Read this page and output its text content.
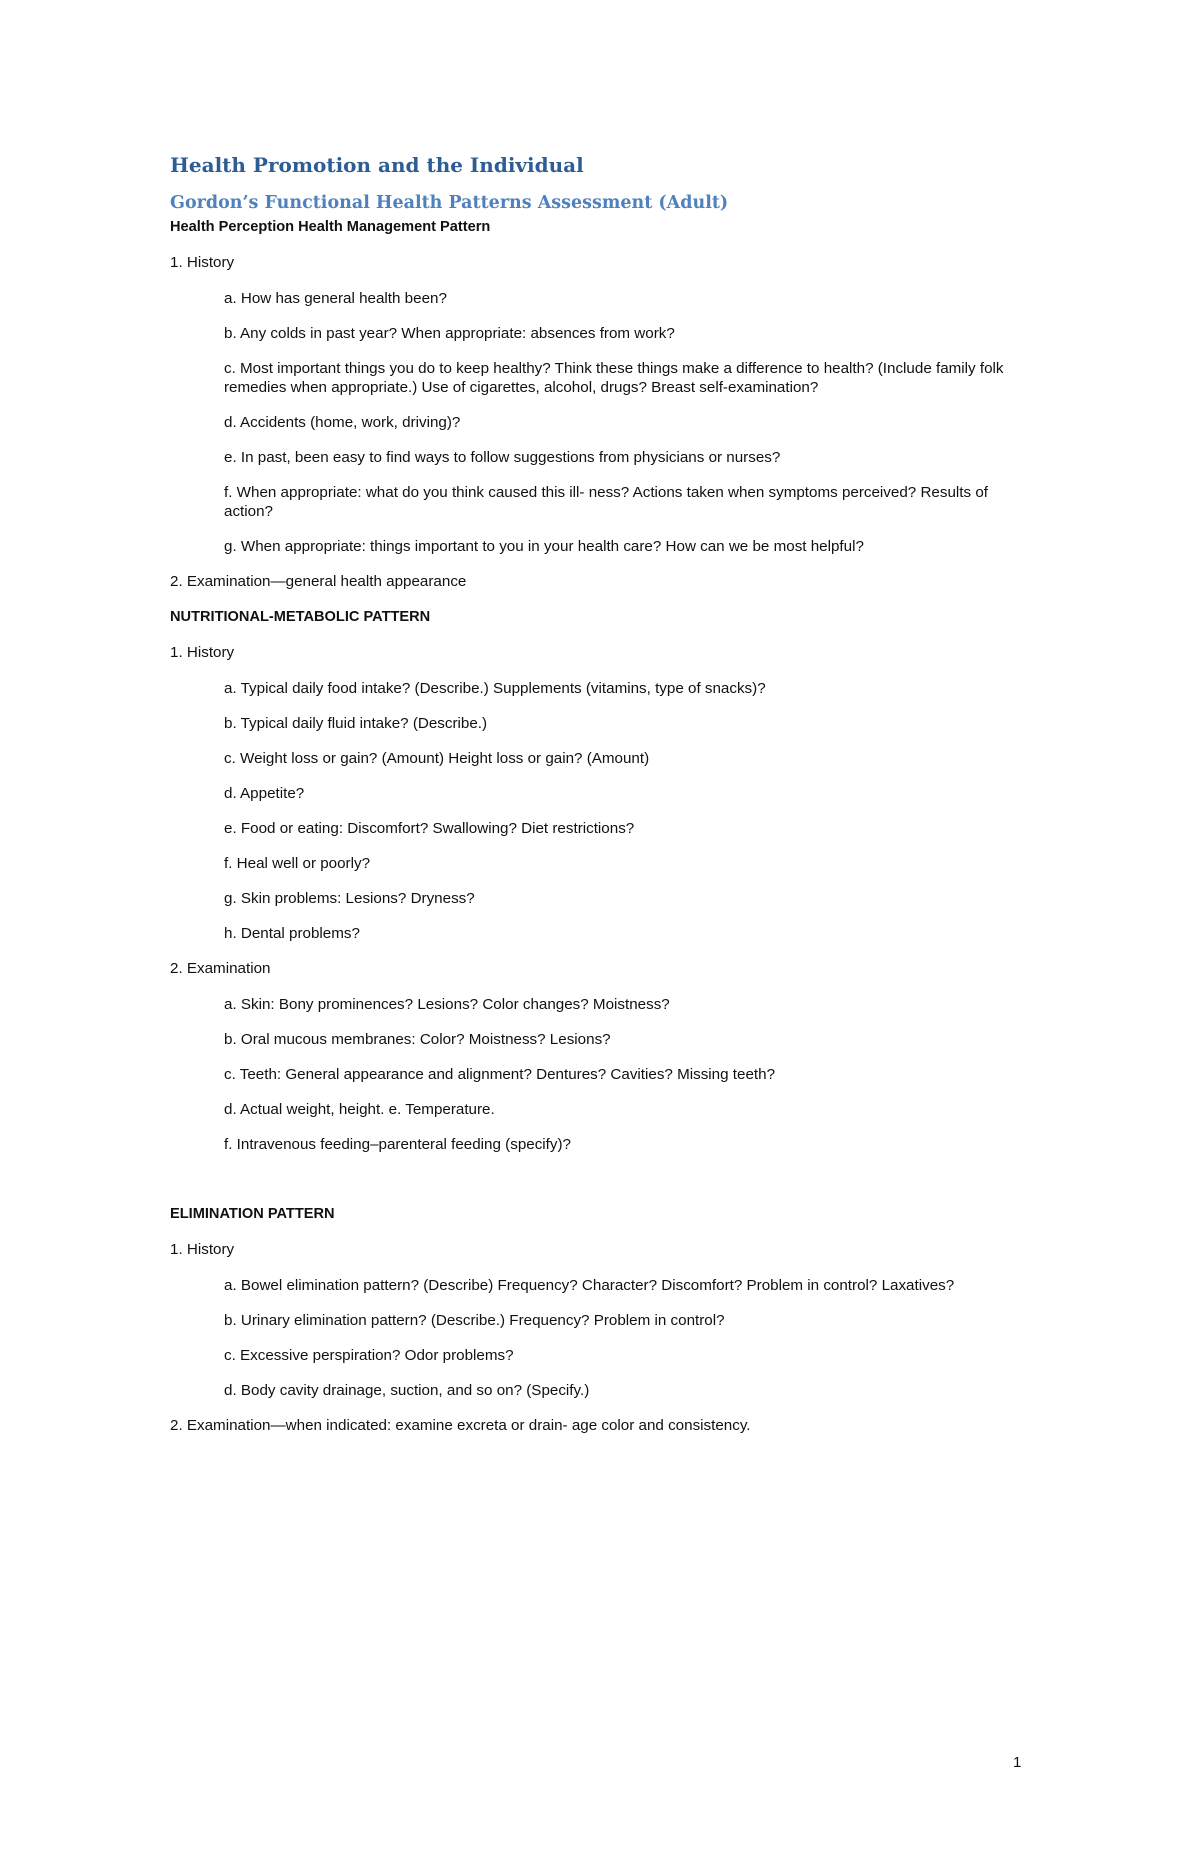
Health Promotion and the Individual
Gordon’s Functional Health Patterns Assessment (Adult)
Health Perception Health Management Pattern
1. History
a. How has general health been?
b. Any colds in past year? When appropriate: absences from work?
c. Most important things you do to keep healthy? Think these things make a difference to health? (Include family folk remedies when appropriate.) Use of cigarettes, alcohol, drugs? Breast self-examination?
d. Accidents (home, work, driving)?
e. In past, been easy to find ways to follow suggestions from physicians or nurses?
f. When appropriate: what do you think caused this ill- ness? Actions taken when symptoms perceived? Results of action?
g. When appropriate: things important to you in your health care? How can we be most helpful?
2. Examination—general health appearance
NUTRITIONAL-METABOLIC PATTERN
1. History
a. Typical daily food intake? (Describe.) Supplements (vitamins, type of snacks)?
b. Typical daily fluid intake? (Describe.)
c. Weight loss or gain? (Amount) Height loss or gain? (Amount)
d. Appetite?
e. Food or eating: Discomfort? Swallowing? Diet restrictions?
f. Heal well or poorly?
g. Skin problems: Lesions? Dryness?
h. Dental problems?
2. Examination
a. Skin: Bony prominences? Lesions? Color changes? Moistness?
b. Oral mucous membranes: Color? Moistness? Lesions?
c. Teeth: General appearance and alignment? Dentures? Cavities? Missing teeth?
d. Actual weight, height. e. Temperature.
f. Intravenous feeding–parenteral feeding (specify)?
ELIMINATION PATTERN
1. History
a. Bowel elimination pattern? (Describe) Frequency? Character? Discomfort? Problem in control? Laxatives?
b. Urinary elimination pattern? (Describe.) Frequency? Problem in control?
c. Excessive perspiration? Odor problems?
d. Body cavity drainage, suction, and so on? (Specify.)
2. Examination—when indicated: examine excreta or drain- age color and consistency.
1
